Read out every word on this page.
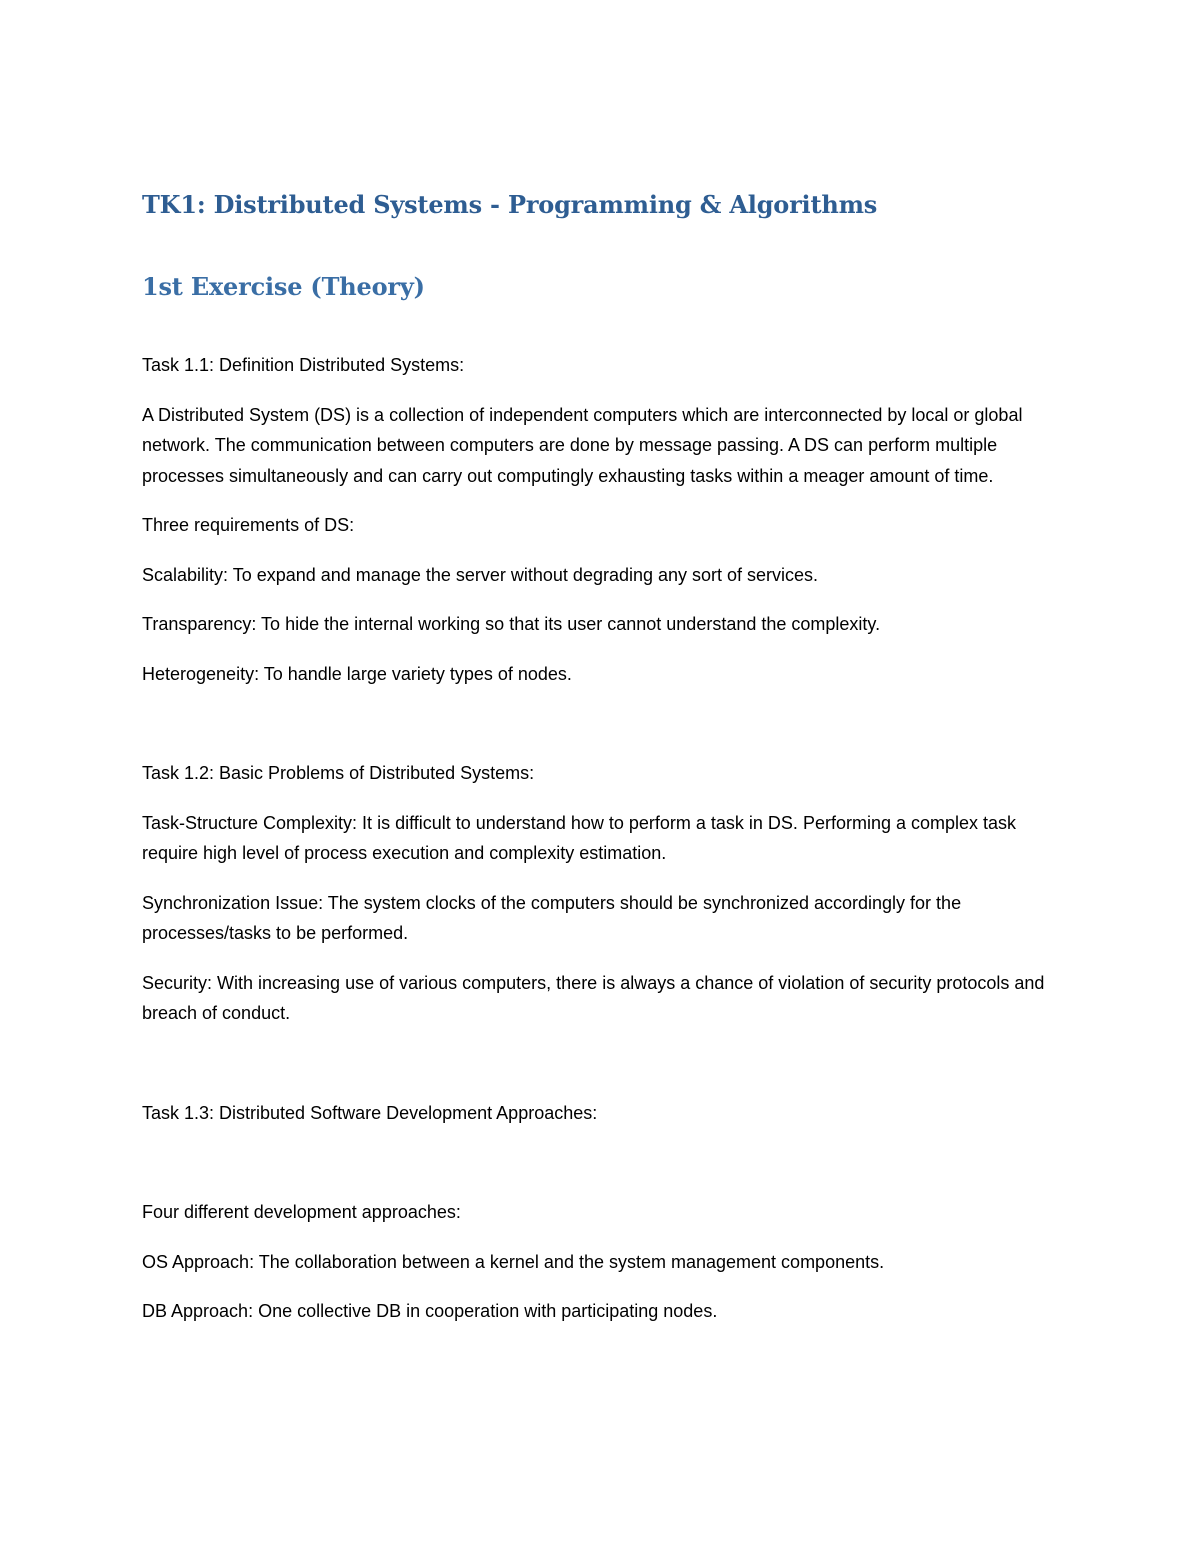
TK1: Distributed Systems - Programming & Algorithms
1st Exercise (Theory)

Task 1.1: Definition Distributed Systems:

A Distributed System (DS) is a collection of independent computers which are interconnected by local or global network. The communication between computers are done by message passing. A DS can perform multiple processes simultaneously and can carry out computingly exhausting tasks within a meager amount of time.

Three requirements of DS:

Scalability: To expand and manage the server without degrading any sort of services.

Transparency: To hide the internal working so that its user cannot understand the complexity.

Heterogeneity: To handle large variety types of nodes.

Task 1.2: Basic Problems of Distributed Systems:

Task-Structure Complexity: It is difficult to understand how to perform a task in DS. Performing a complex task require high level of process execution and complexity estimation.

Synchronization Issue: The system clocks of the computers should be synchronized accordingly for the processes/tasks to be performed.

Security: With increasing use of various computers, there is always a chance of violation of security protocols and breach of conduct.

Task 1.3: Distributed Software Development Approaches:

Four different development approaches:

OS Approach: The collaboration between a kernel and the system management components.

DB Approach: One collective DB in cooperation with participating nodes.
